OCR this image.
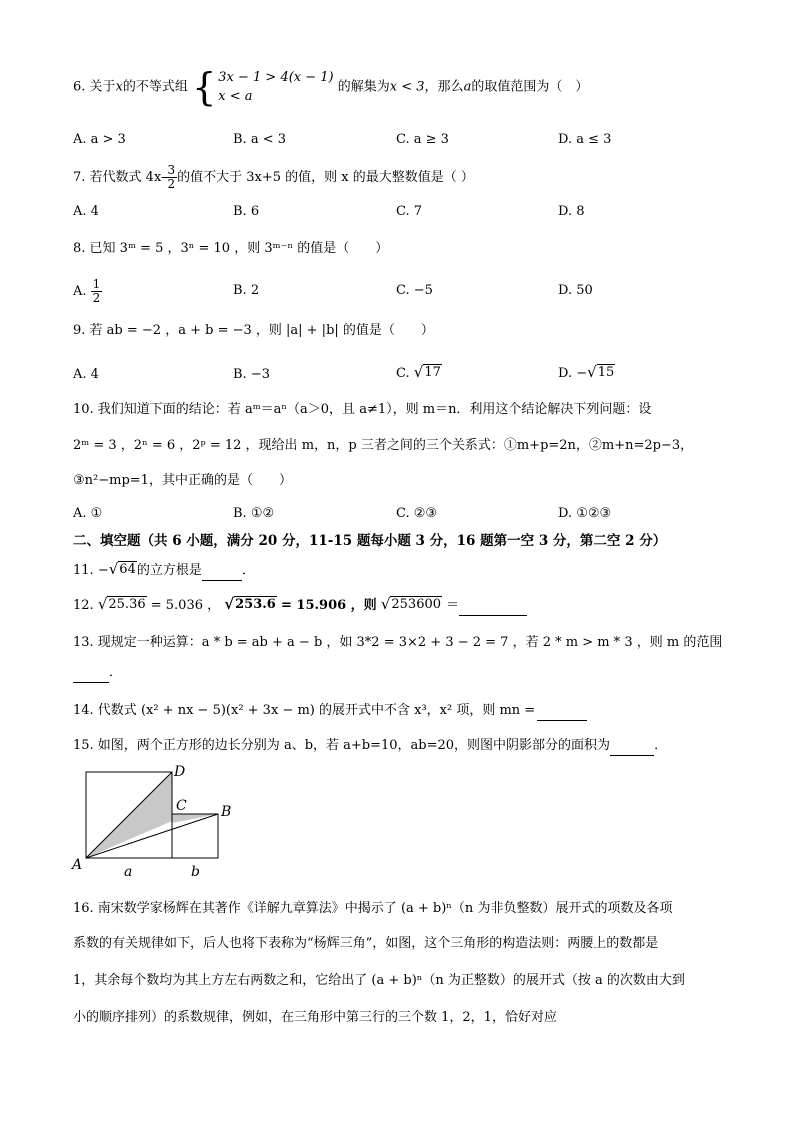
6. 关于x的不等式组 { 3x − 1 > 4(x − 1)
x < a
的解集为x < 3，那么a的取值范围为（　）
A. a > 3	B. a < 3	C. a ≥ 3	D. a ≤ 3
7. 若代数式 $4x- \frac{3}{2}$ 的值不大于 3x+5 的值，则 x 的最大整数值是（ ）
A. 4	B. 6	C. 7	D. 8
8. 已知 3ᵐ = 5 ，3ⁿ = 10 ，则 3ᵐ⁻ⁿ 的值是（　　）
A. $\frac{1}{2}$	B. 2	C. −5	D. 50
9. 若 ab = −2 ，a + b = −3 ，则 |a| + |b| 的值是（　　）
A. 4	B. −3	C. √ 17	D. − √ 15
10. 我们知道下面的结论：若 aᵐ＝aⁿ（a＞0，且 a≠1），则 m＝n．利用这个结论解决下列问题：设
2ᵐ = 3 ，2ⁿ = 6 ，2ᵖ = 12 ，现给出 m，n，p 三者之间的三个关系式：①m+p=2n，②m+n=2p−3，
③n²−mp=1，其中正确的是（　　）
A. ①	B. ①②	C. ②③	D. ①②③
二、填空题（共 6 小题，满分 20 分，11-15 题每小题 3 分，16 题第一空 3 分，第二空 2 分）
11. − √ 64 的立方根是	．
12. √ 25.36 = 5.036 ， √ 253.6 = 15.906 ，则 √ 253600 ＝
13. 现规定一种运算：a * b = ab + a − b ，如 3*2 = 3×2 + 3 − 2 = 7 ，若 2 * m > m * 3 ，则 m 的范围
．
14. 代数式 (x² + nx − 5)(x² + 3x − m) 的展开式中不含 x³，x² 项，则 mn =
15. 如图，两个正方形的边长分别为 a、b，若 a+b=10，ab=20，则图中阴影部分的面积为	．
D
C B
A	a	b
16. 南宋数学家杨辉在其著作《详解九章算法》中揭示了 (a + b)ⁿ（n 为非负整数）展开式的项数及各项
系数的有关规律如下，后人也将下表称为“杨辉三角”，如图，这个三角形的构造法则：两腰上的数都是
1，其余每个数均为其上方左右两数之和，它给出了 (a + b)ⁿ（n 为正整数）的展开式（按 a 的次数由大到
小的顺序排列）的系数规律，例如，在三角形中第三行的三个数 1，2，1，恰好对应
